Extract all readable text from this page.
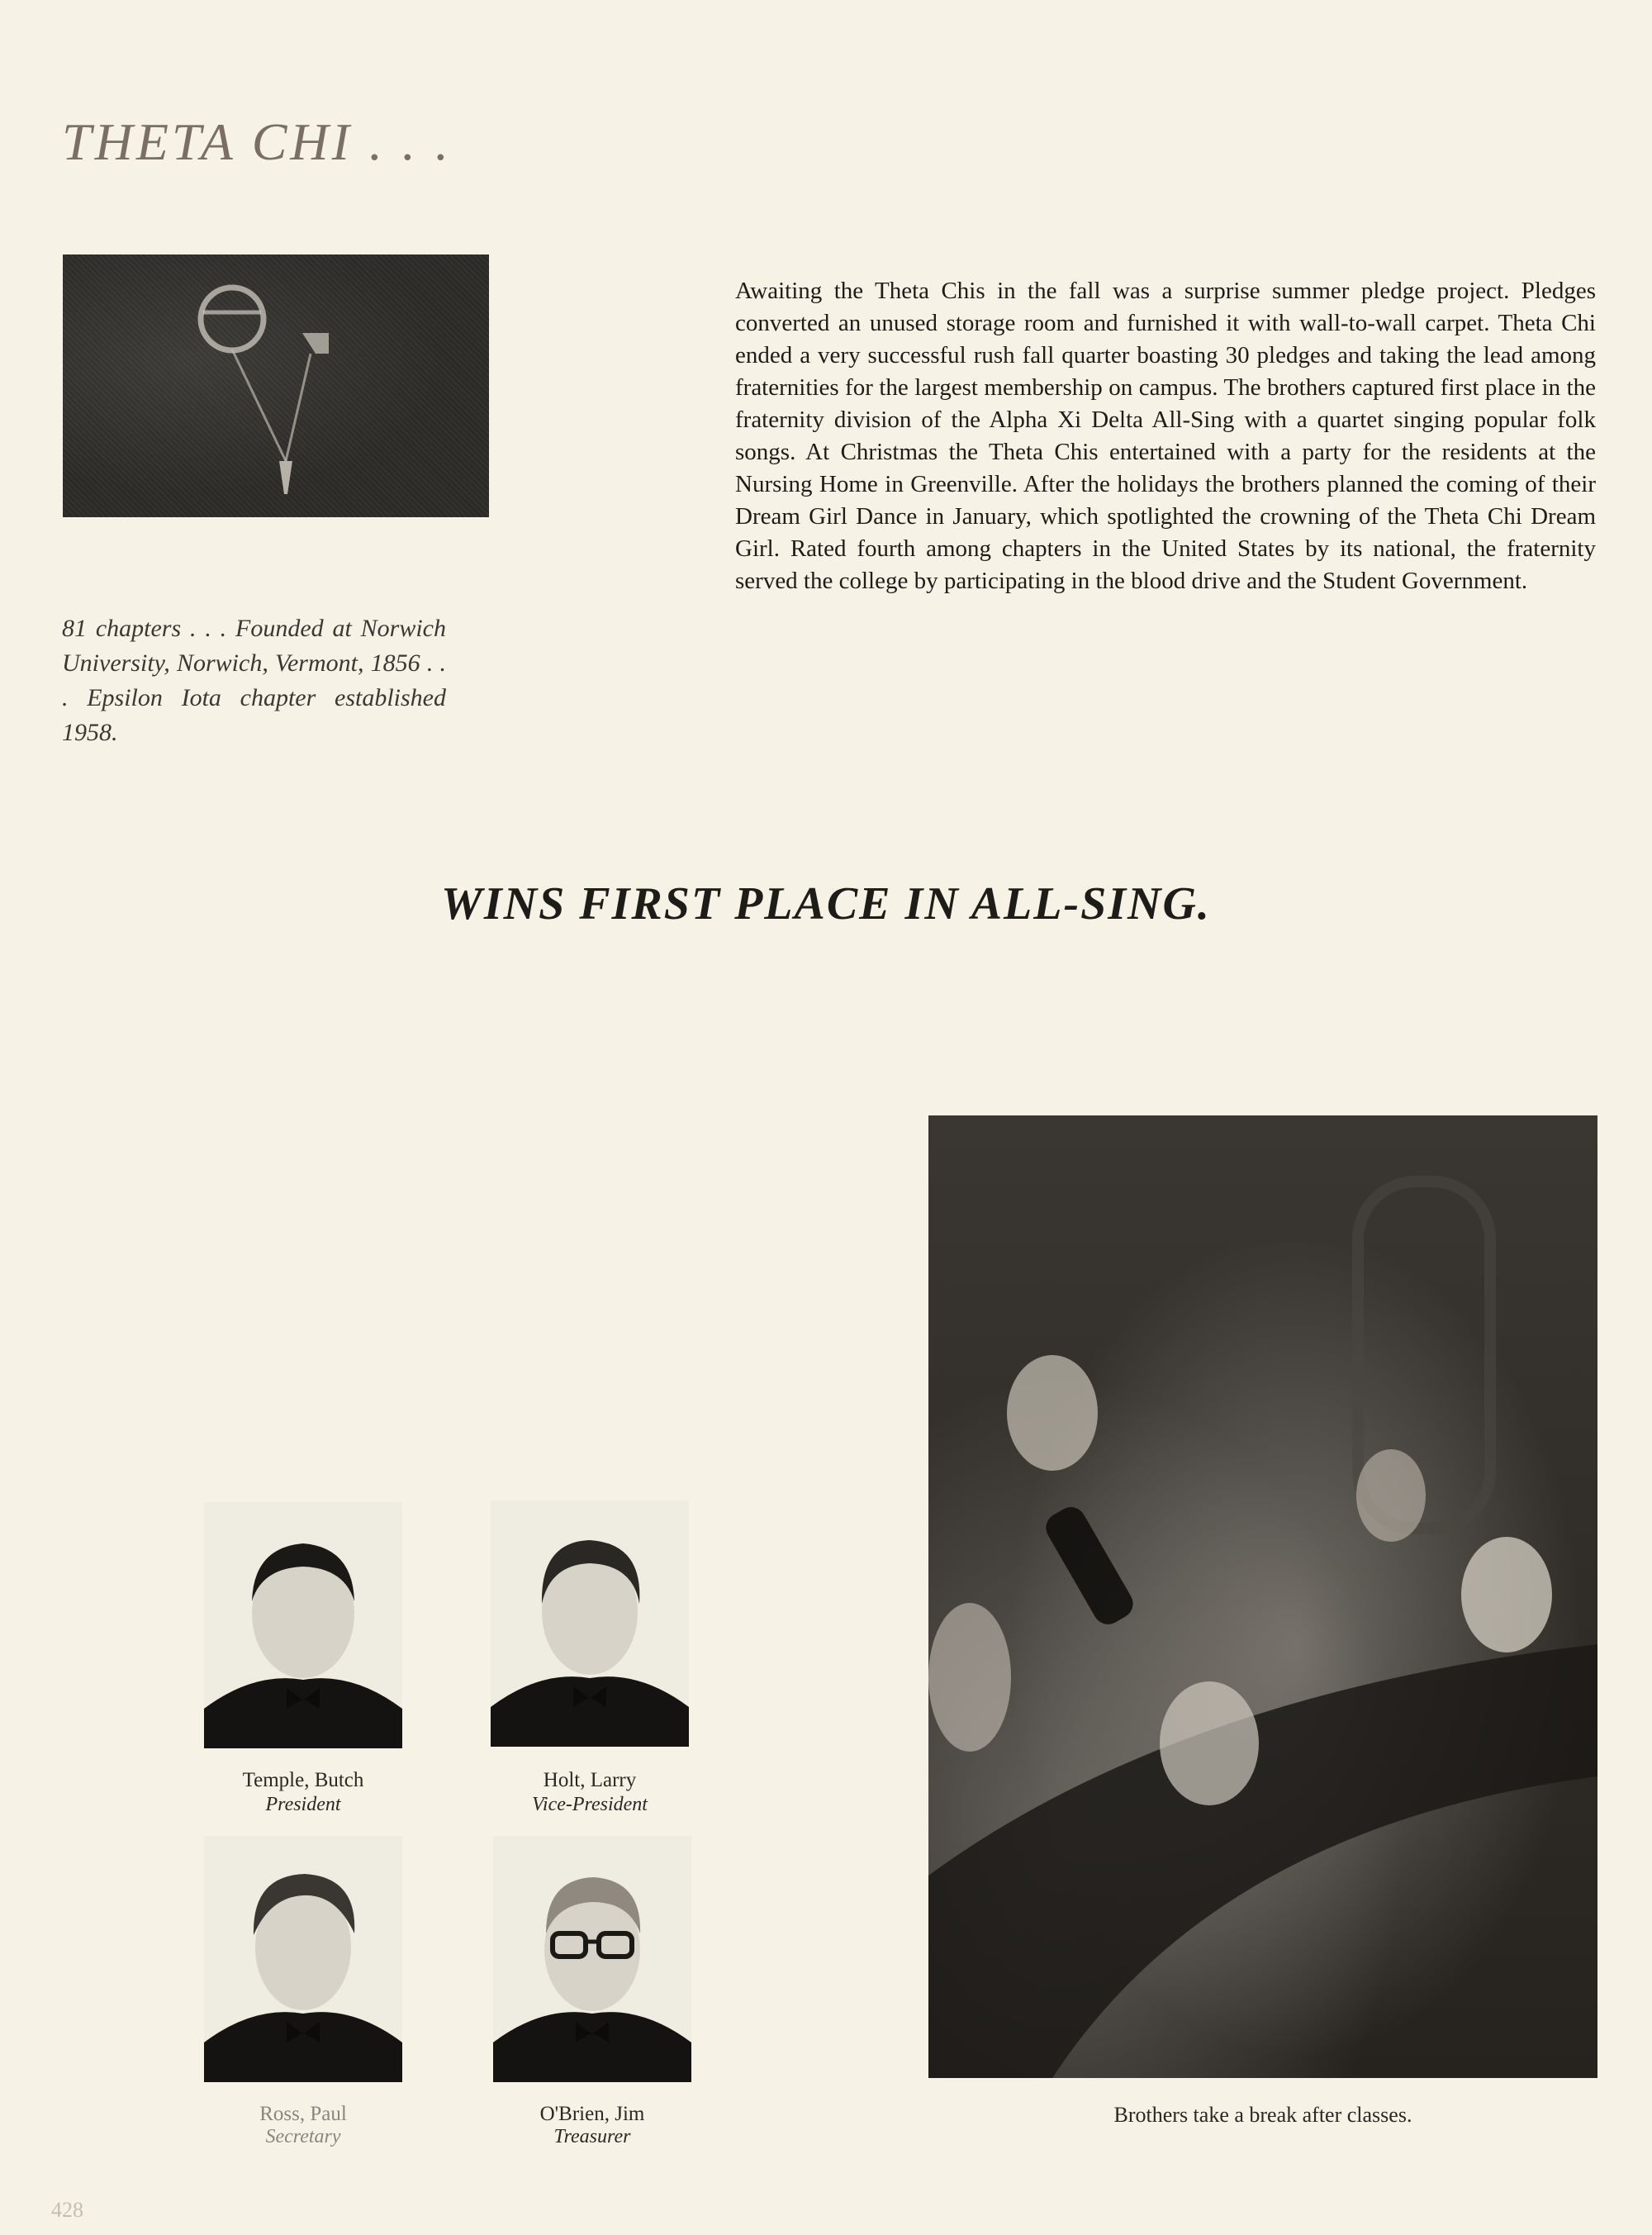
THETA CHI . . .
81 chapters . . . Founded at Norwich University, Norwich, Vermont, 1856 . . . Epsilon Iota chapter established 1958.
Awaiting the Theta Chis in the fall was a surprise summer pledge project. Pledges converted an unused storage room and furnished it with wall-to-wall carpet. Theta Chi ended a very successful rush fall quarter boasting 30 pledges and taking the lead among fraternities for the largest membership on campus. The brothers captured first place in the fraternity division of the Alpha Xi Delta All-Sing with a quartet singing popular folk songs. At Christmas the Theta Chis entertained with a party for the residents at the Nursing Home in Greenville. After the holidays the brothers planned the coming of their Dream Girl Dance in January, which spotlighted the crowning of the Theta Chi Dream Girl. Rated fourth among chapters in the United States by its national, the fraternity served the college by participating in the blood drive and the Student Government.
WINS FIRST PLACE IN ALL-SING.
Temple, Butch
President
Holt, Larry
Vice-President
Ross, Paul
Secretary
O'Brien, Jim
Treasurer
Brothers take a break after classes.
428
